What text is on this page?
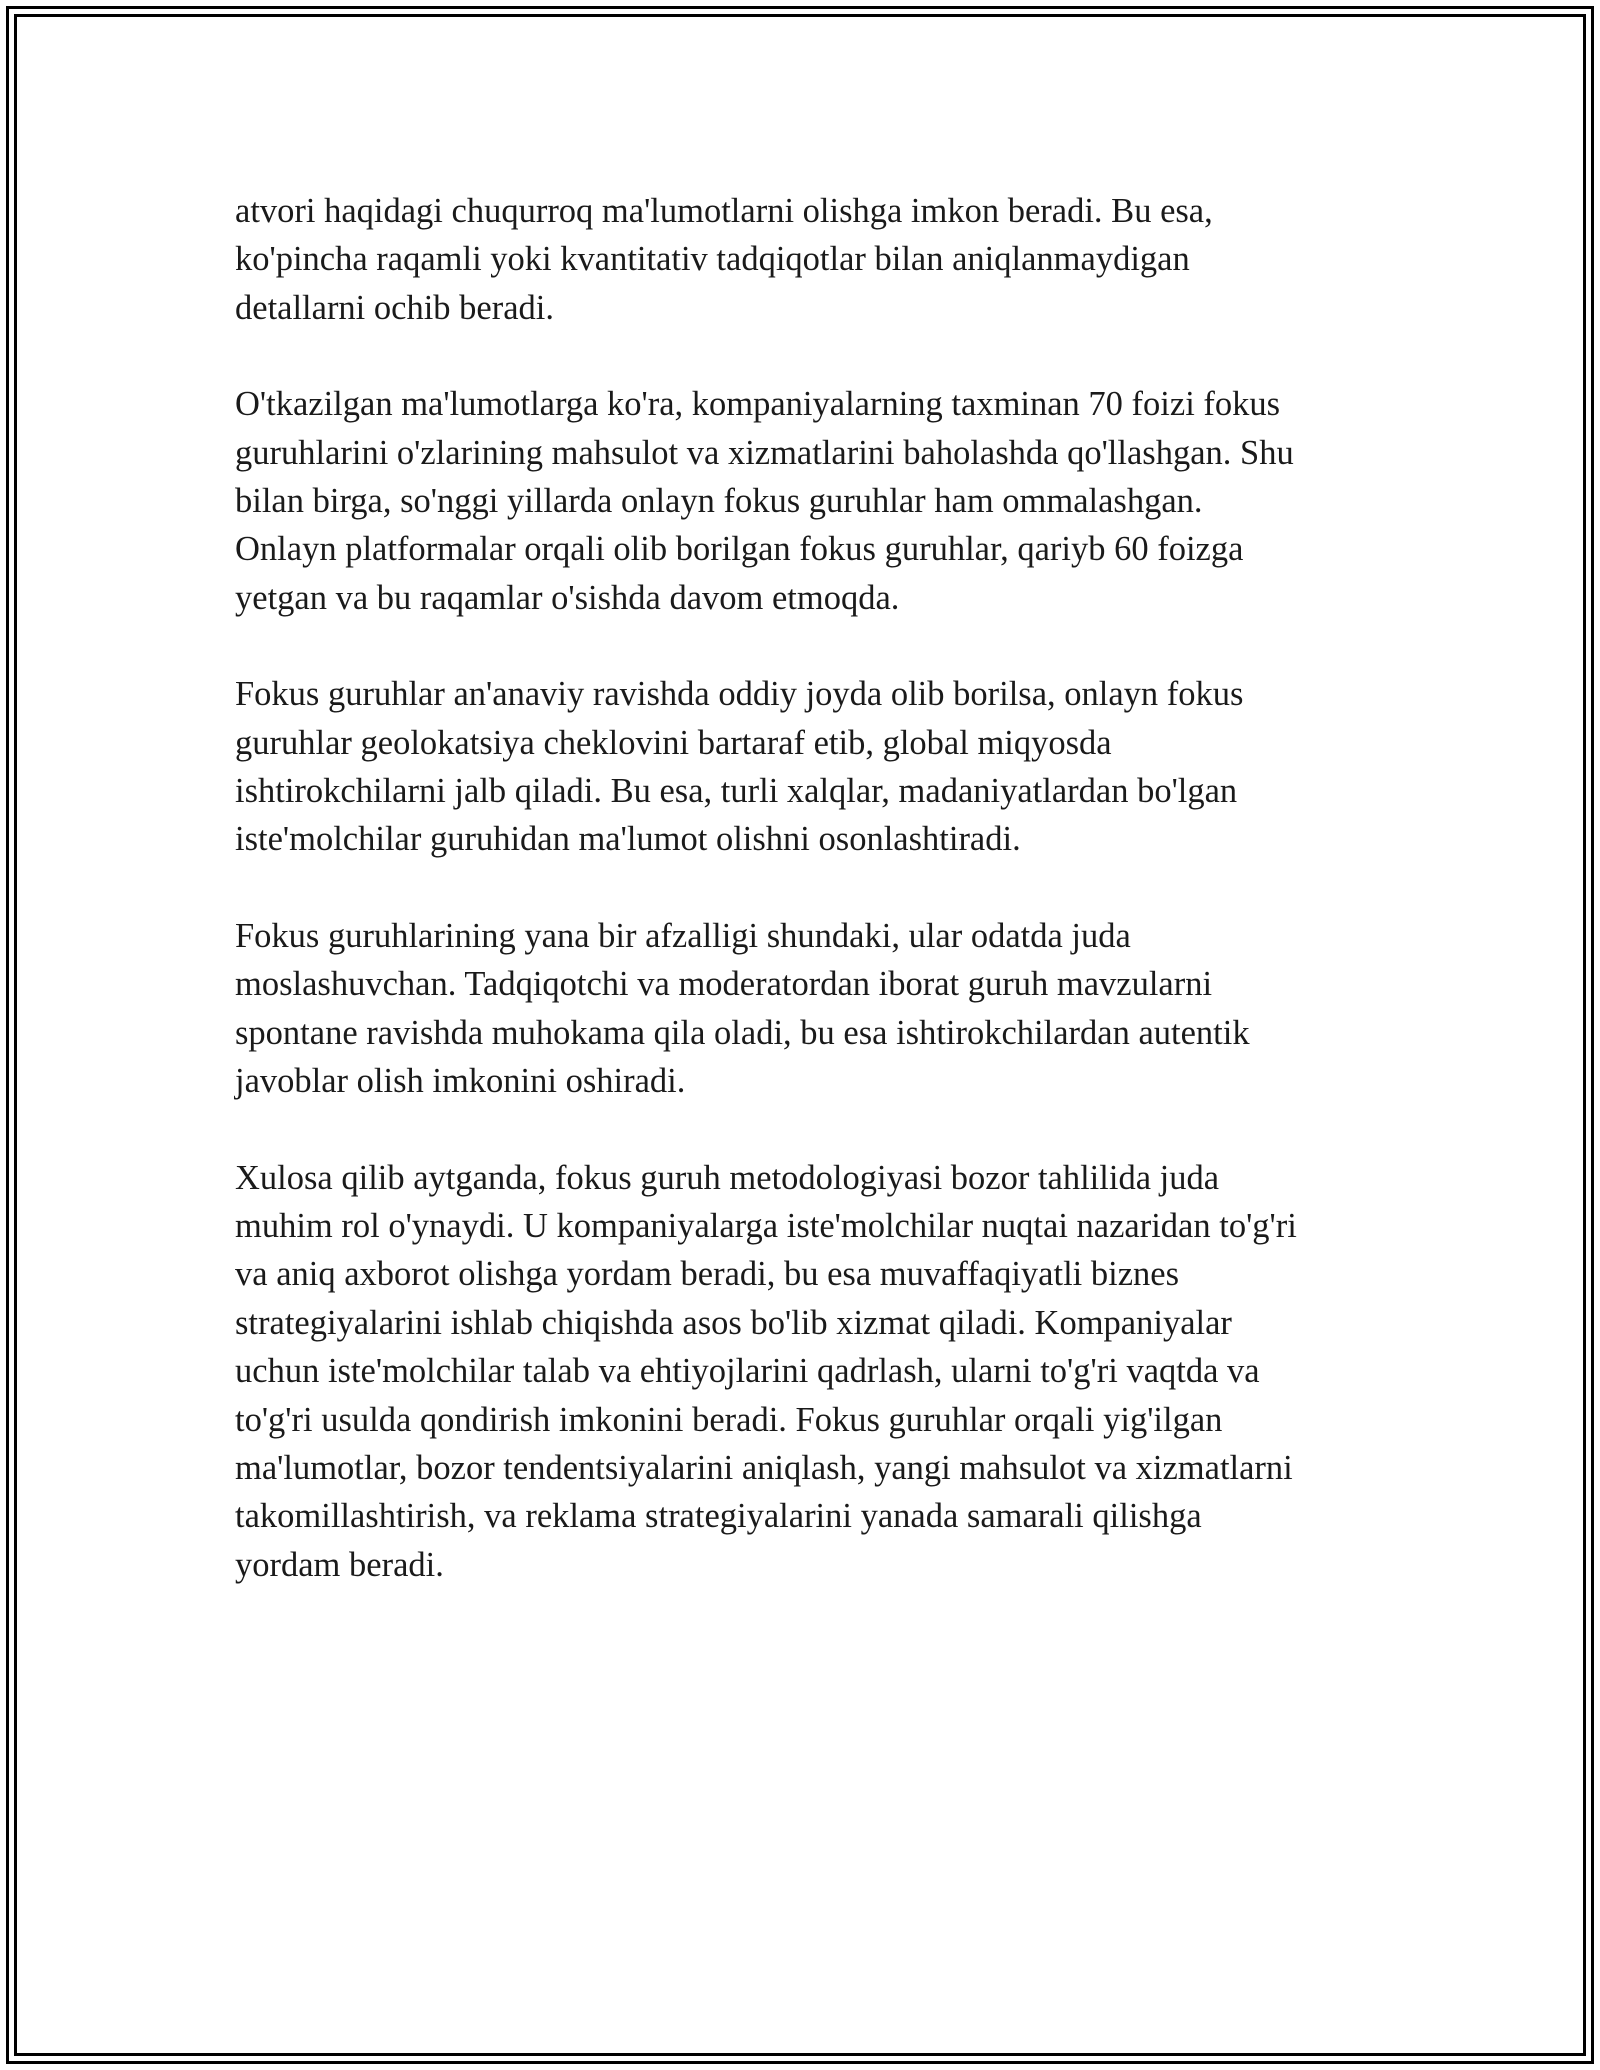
atvori haqidagi chuqurroq ma'lumotlarni olishga imkon beradi. Bu esa,
ko'pincha raqamli yoki kvantitativ tadqiqotlar bilan aniqlanmaydigan
detallarni ochib beradi.

O'tkazilgan ma'lumotlarga ko'ra, kompaniyalarning taxminan 70 foizi fokus
guruhlarini o'zlarining mahsulot va xizmatlarini baholashda qo'llashgan. Shu
bilan birga, so'nggi yillarda onlayn fokus guruhlar ham ommalashgan.
Onlayn platformalar orqali olib borilgan fokus guruhlar, qariyb 60 foizga
yetgan va bu raqamlar o'sishda davom etmoqda.

Fokus guruhlar an'anaviy ravishda oddiy joyda olib borilsa, onlayn fokus
guruhlar geolokatsiya cheklovini bartaraf etib, global miqyosda
ishtirokchilarni jalb qiladi. Bu esa, turli xalqlar, madaniyatlardan bo'lgan
iste'molchilar guruhidan ma'lumot olishni osonlashtiradi.

Fokus guruhlarining yana bir afzalligi shundaki, ular odatda juda
moslashuvchan. Tadqiqotchi va moderatordan iborat guruh mavzularni
spontane ravishda muhokama qila oladi, bu esa ishtirokchilardan autentik
javoblar olish imkonini oshiradi.

Xulosa qilib aytganda, fokus guruh metodologiyasi bozor tahlilida juda
muhim rol o'ynaydi. U kompaniyalarga iste'molchilar nuqtai nazaridan to'g'ri
va aniq axborot olishga yordam beradi, bu esa muvaffaqiyatli biznes
strategiyalarini ishlab chiqishda asos bo'lib xizmat qiladi. Kompaniyalar
uchun iste'molchilar talab va ehtiyojlarini qadrlash, ularni to'g'ri vaqtda va
to'g'ri usulda qondirish imkonini beradi. Fokus guruhlar orqali yig'ilgan
ma'lumotlar, bozor tendentsiyalarini aniqlash, yangi mahsulot va xizmatlarni
takomillashtirish, va reklama strategiyalarini yanada samarali qilishga
yordam beradi.
